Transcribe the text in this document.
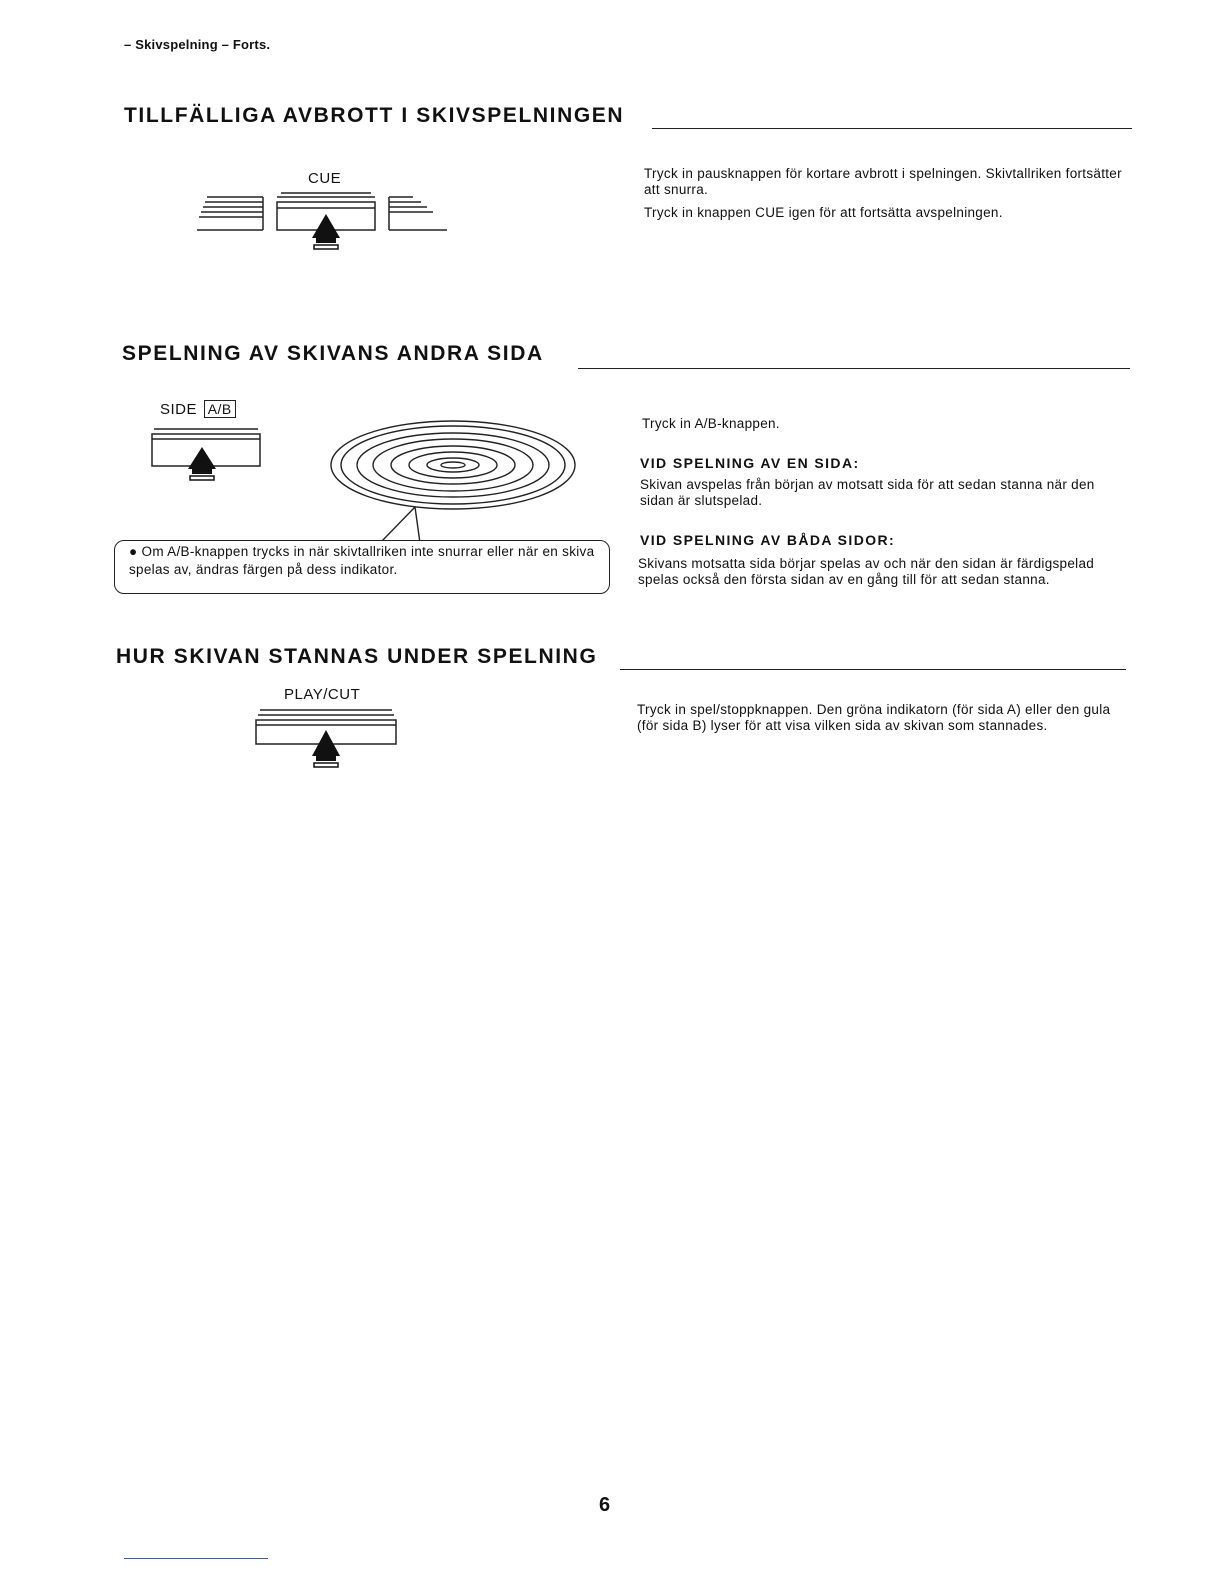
– Skivspelning – Forts.
TILLFÄLLIGA AVBROTT I SKIVSPELNINGEN
CUE	Tryck in pausknappen för kortare avbrott i spelningen. Skivtallriken fortsätter att snurra.
Tryck in knappen CUE igen för att fortsätta avspelningen.
SPELNING AV SKIVANS ANDRA SIDA
SIDE A/B
● Om A/B-knappen trycks in när skivtallriken inte snurrar eller när en skiva spelas av, ändras färgen på dess indikator.
Tryck in A/B-knappen.
VID SPELNING AV EN SIDA:
Skivan avspelas från början av motsatt sida för att sedan stanna när den sidan är slutspelad.
VID SPELNING AV BÅDA SIDOR:
Skivans motsatta sida börjar spelas av och när den sidan är färdigspelad spelas också den första sidan av en gång till för att sedan stanna.
HUR SKIVAN STANNAS UNDER SPELNING
PLAY/CUT
Tryck in spel/stoppknappen. Den gröna indikatorn (för sida A) eller den gula (för sida B) lyser för att visa vilken sida av skivan som stannades.
6
